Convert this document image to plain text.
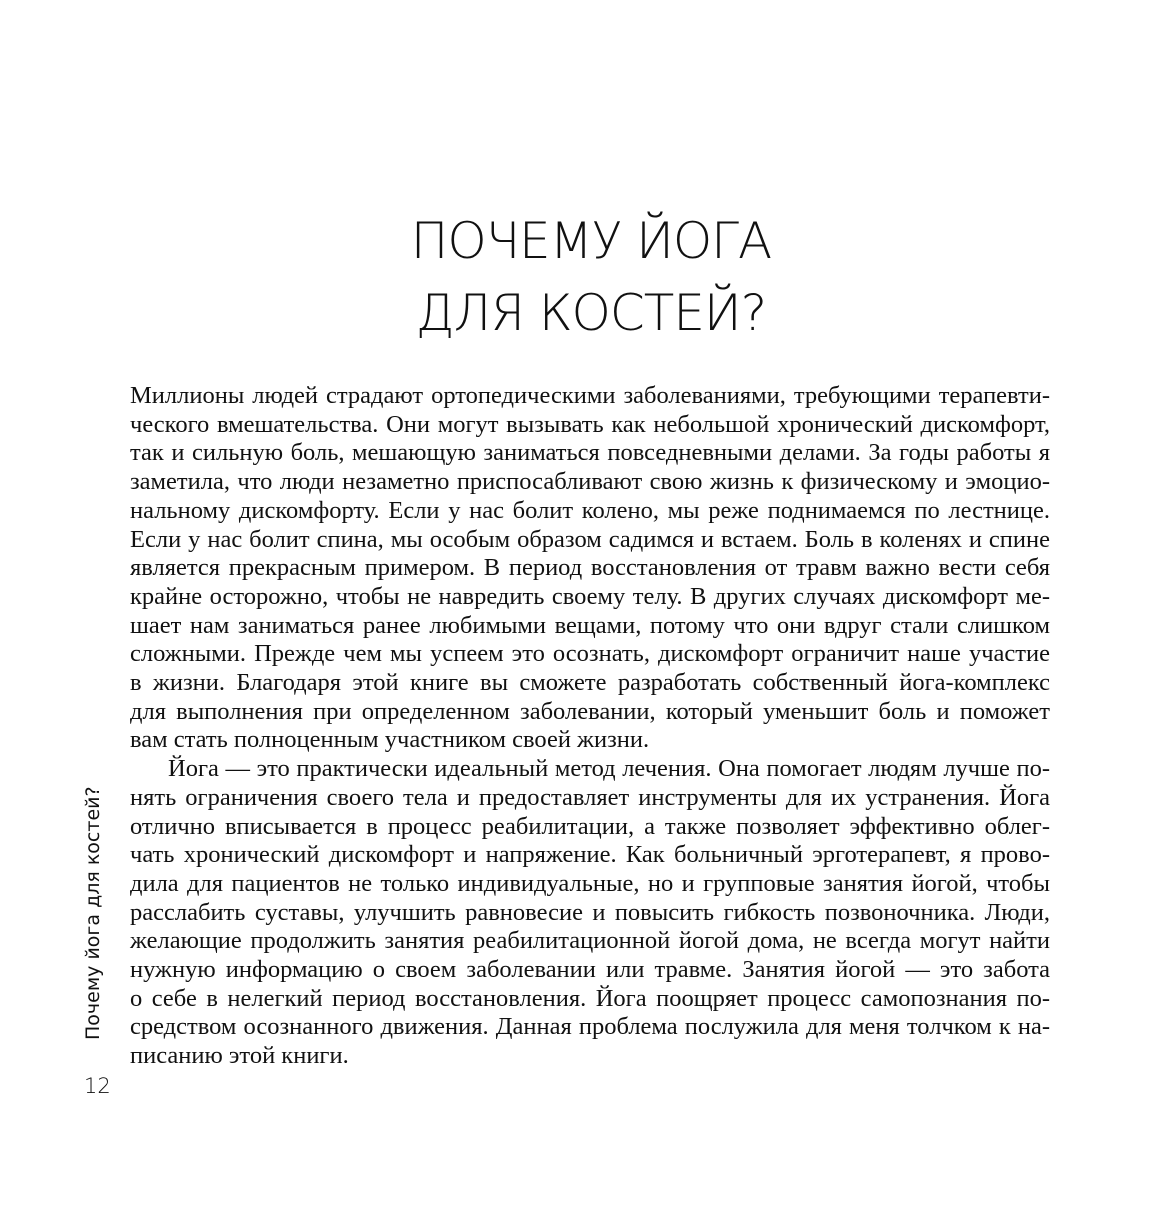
ПОЧЕМУ ЙОГА
ДЛЯ КОСТЕЙ?
Миллионы людей страдают ортопедическими заболеваниями, требующими терапевти-
ческого вмешательства. Они могут вызывать как небольшой хронический дискомфорт,
так и сильную боль, мешающую заниматься повседневными делами. За годы работы я
заметила, что люди незаметно приспосабливают свою жизнь к физическому и эмоцио-
нальному дискомфорту. Если у нас болит колено, мы реже поднимаемся по лестнице.
Если у нас болит спина, мы особым образом садимся и встаем. Боль в коленях и спине
является прекрасным примером. В период восстановления от травм важно вести себя
крайне осторожно, чтобы не навредить своему телу. В других случаях дискомфорт ме-
шает нам заниматься ранее любимыми вещами, потому что они вдруг стали слишком
сложными. Прежде чем мы успеем это осознать, дискомфорт ограничит наше участие
в жизни. Благодаря этой книге вы сможете разработать собственный йога-комплекс
для выполнения при определенном заболевании, который уменьшит боль и поможет
вам стать полноценным участником своей жизни.
Йога — это практически идеальный метод лечения. Она помогает людям лучше по-
нять ограничения своего тела и предоставляет инструменты для их устранения. Йога
отлично вписывается в процесс реабилитации, а также позволяет эффективно облег-
чать хронический дискомфорт и напряжение. Как больничный эрготерапевт, я прово-
дила для пациентов не только индивидуальные, но и групповые занятия йогой, чтобы
расслабить суставы, улучшить равновесие и повысить гибкость позвоночника. Люди,
желающие продолжить занятия реабилитационной йогой дома, не всегда могут найти
нужную информацию о своем заболевании или травме. Занятия йогой — это забота
о себе в нелегкий период восстановления. Йога поощряет процесс самопознания по-
средством осознанного движения. Данная проблема послужила для меня толчком к на-
писанию этой книги.
Почему йога для костей?
12
